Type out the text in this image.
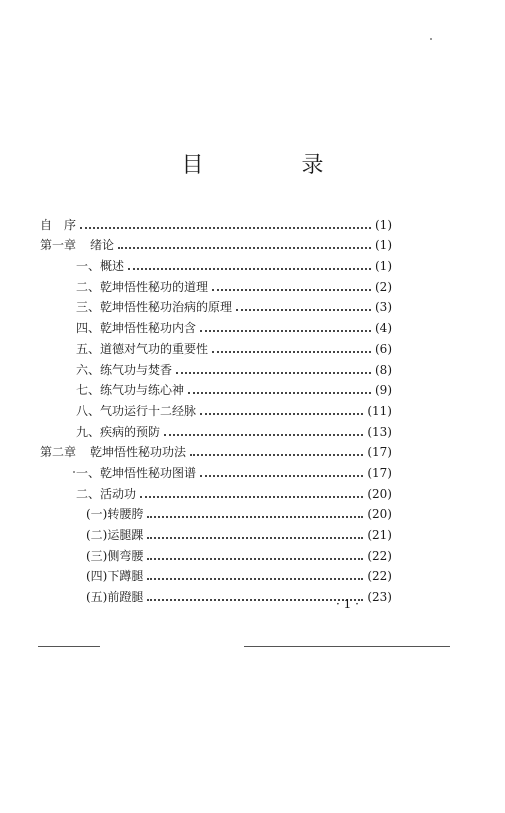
目　录
自　序	(1)
第一章 绪论	(1)
一、概述	(1)
二、乾坤悟性秘功的道理	(2)
三、乾坤悟性秘功治病的原理	(3)
四、乾坤悟性秘功内含	(4)
五、道德对气功的重要性	(6)
六、练气功与焚香	(8)
七、练气功与练心神	(9)
八、气功运行十二经脉	(11)
九、疾病的预防	(13)
第二章 乾坤悟性秘功功法	(17)
一、乾坤悟性秘功图谱	(17)
二、活动功	(20)
(一)转腰胯	(20)
(二)运腿踝	(21)
(三)侧弯腰	(22)
(四)下蹲腿	(22)
(五)前蹬腿	(23)
· 1 ·
